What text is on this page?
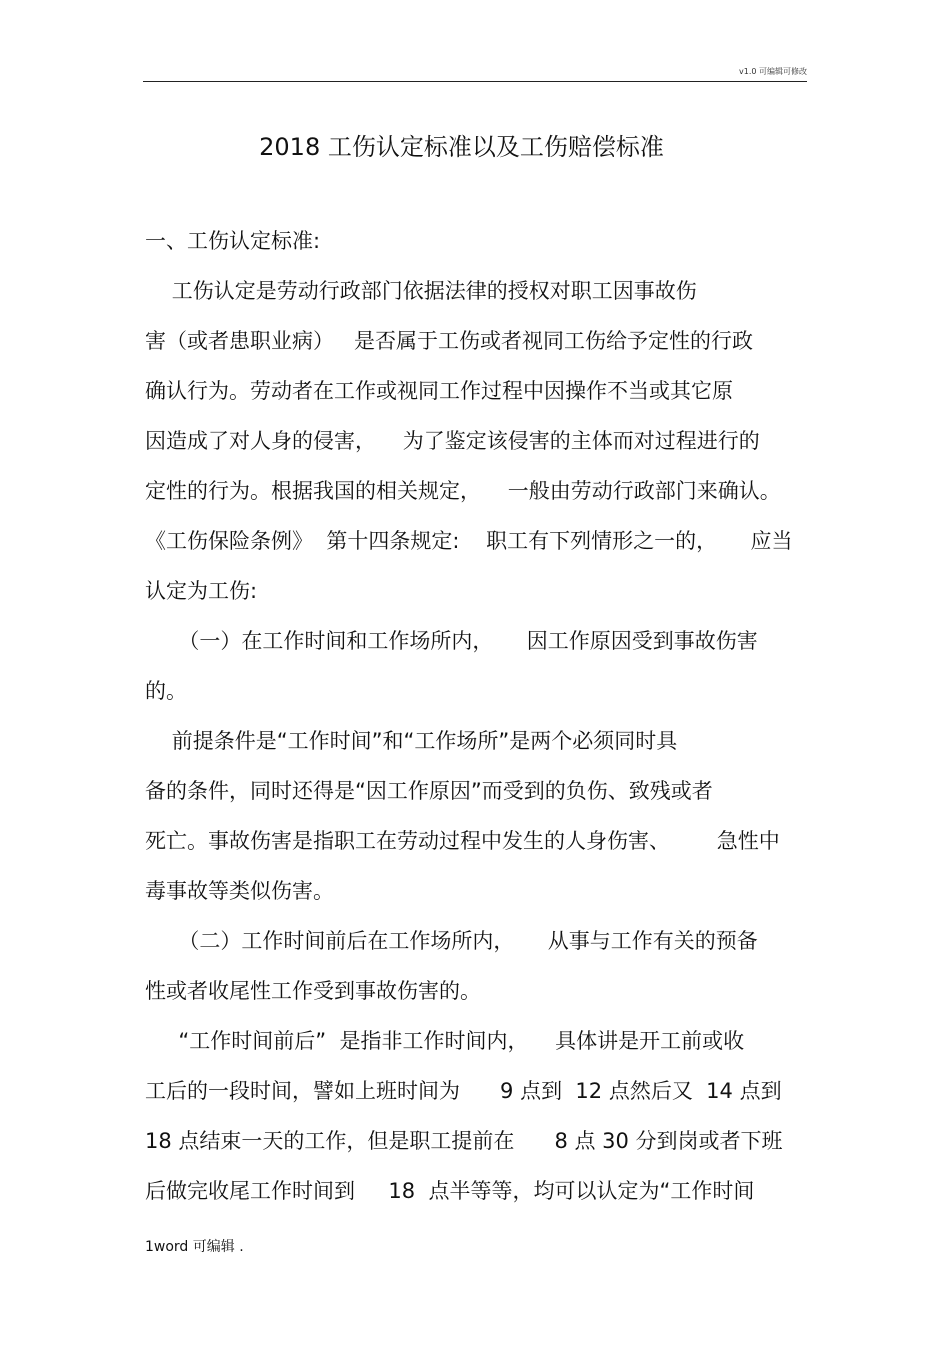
v1.0 可编辑可修改
2018 工伤认定标准以及工伤赔偿标准
一、工伤认定标准:
工伤认定是劳动行政部门依据法律的授权对职工因事故伤
害（或者患职业病）   是否属于工伤或者视同工伤给予定性的行政
确认行为。劳动者在工作或视同工作过程中因操作不当或其它原
因造成了对人身的侵害，    为了鉴定该侵害的主体而对过程进行的
定性的行为。根据我国的相关规定，    一般由劳动行政部门来确认。
《工伤保险条例》  第十四条规定:    职工有下列情形之一的，     应当
认定为工伤:
（一）在工作时间和工作场所内，     因工作原因受到事故伤害
的。
前提条件是“工作时间”和“工作场所”是两个必须同时具
备的条件，同时还得是“因工作原因”而受到的负伤、致残或者
死亡。事故伤害是指职工在劳动过程中发生的人身伤害、       急性中
毒事故等类似伤害。
（二）工作时间前后在工作场所内，     从事与工作有关的预备
性或者收尾性工作受到事故伤害的。
“工作时间前后”  是指非工作时间内，    具体讲是开工前或收
工后的一段时间，譬如上班时间为      9 点到  12 点然后又  14 点到
18 点结束一天的工作，但是职工提前在      8 点 30 分到岗或者下班
后做完收尾工作时间到     18  点半等等，均可以认定为“工作时间
1word 可编辑 .
